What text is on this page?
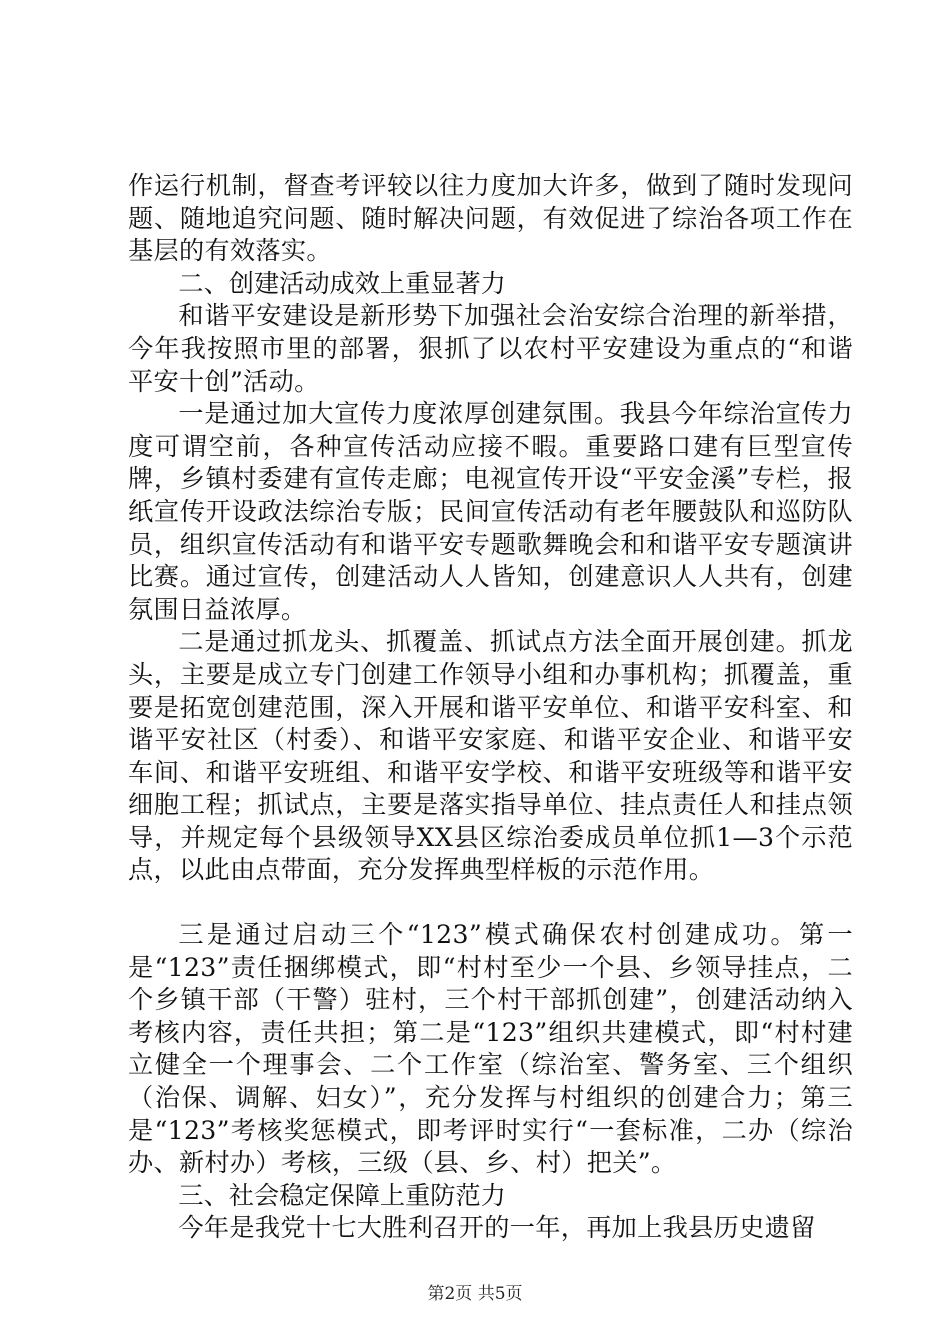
作运行机制，督查考评较以往力度加大许多，做到了随时发现问题、随地追究问题、随时解决问题，有效促进了综治各项工作在基层的有效落实。

二、创建活动成效上重显著力

和谐平安建设是新形势下加强社会治安综合治理的新举措，今年我按照市里的部署，狠抓了以农村平安建设为重点的“和谐平安十创”活动。

一是通过加大宣传力度浓厚创建氛围。我县今年综治宣传力度可谓空前，各种宣传活动应接不暇。重要路口建有巨型宣传牌，乡镇村委建有宣传走廊；电视宣传开设“平安金溪”专栏，报纸宣传开设政法综治专版；民间宣传活动有老年腰鼓队和巡防队员，组织宣传活动有和谐平安专题歌舞晚会和和谐平安专题演讲比赛。通过宣传，创建活动人人皆知，创建意识人人共有，创建氛围日益浓厚。

二是通过抓龙头、抓覆盖、抓试点方法全面开展创建。抓龙头，主要是成立专门创建工作领导小组和办事机构；抓覆盖，重要是拓宽创建范围，深入开展和谐平安单位、和谐平安科室、和谐平安社区（村委）、和谐平安家庭、和谐平安企业、和谐平安车间、和谐平安班组、和谐平安学校、和谐平安班级等和谐平安细胞工程；抓试点，主要是落实指导单位、挂点责任人和挂点领导，并规定每个县级领导XX县区综治委成员单位抓1—3个示范点，以此由点带面，充分发挥典型样板的示范作用。

三是通过启动三个“123”模式确保农村创建成功。第一是“123”责任捆绑模式，即“村村至少一个县、乡领导挂点，二个乡镇干部（干警）驻村，三个村干部抓创建”，创建活动纳入考核内容，责任共担；第二是“123”组织共建模式，即“村村建立健全一个理事会、二个工作室（综治室、警务室、三个组织（治保、调解、妇女）”，充分发挥与村组织的创建合力；第三是“123”考核奖惩模式，即考评时实行“一套标准，二办（综治办、新村办）考核，三级（县、乡、村）把关”。

三、社会稳定保障上重防范力

今年是我党十七大胜利召开的一年，再加上我县历史遗留

第2页 共5页
